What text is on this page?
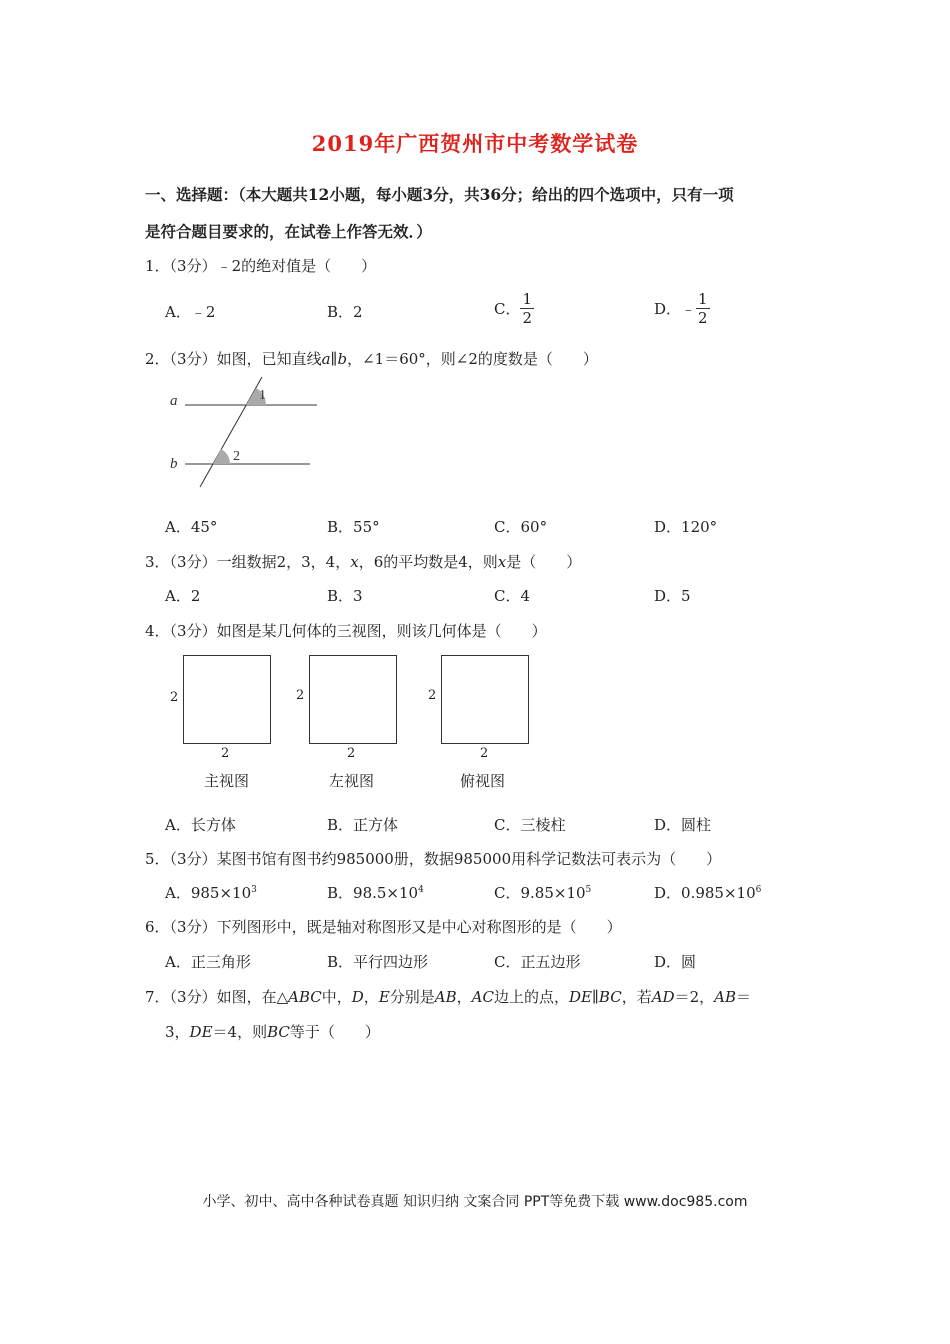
2019年广西贺州市中考数学试卷
一、选择题：（本大题共12小题，每小题3分，共36分；给出的四个选项中，只有一项
是符合题目要求的，在试卷上作答无效．）
1．（3分）﹣2的绝对值是（　　）
A．﹣2	B．2	C． $\frac{1}{2}$	D．﹣ $\frac{1}{2}$
2．（3分）如图，已知直线a∥b，∠1＝60°，则∠2的度数是（　　）
a
b
1
2
A．45°	B．55°	C．60°	D．120°
3．（3分）一组数据2，3，4，x，6的平均数是4，则x是（　　）
A．2	B．3	C．4	D．5
4．（3分）如图是某几何体的三视图，则该几何体是（　　）
2
2
主视图
2
2
左视图
2
2
俯视图
A．长方体	B．正方体	C．三棱柱	D．圆柱
5．（3分）某图书馆有图书约985000册，数据985000用科学记数法可表示为（　　）
A．$985\times 10^3$	B．$98.5\times 10^4$	C．$9.85\times 10^5$	D．$0.985\times 10^6$
6．（3分）下列图形中，既是轴对称图形又是中心对称图形的是（　　）
A．正三角形	B．平行四边形	C．正五边形	D．圆
7．（3分）如图，在△ABC中，D，E分别是AB，AC边上的点，DE∥BC，若AD＝2，AB＝
3，DE＝4，则BC等于（　　）
小学、初中、高中各种试卷真题 知识归纳 文案合同 PPT等免费下载 www.doc985.com
